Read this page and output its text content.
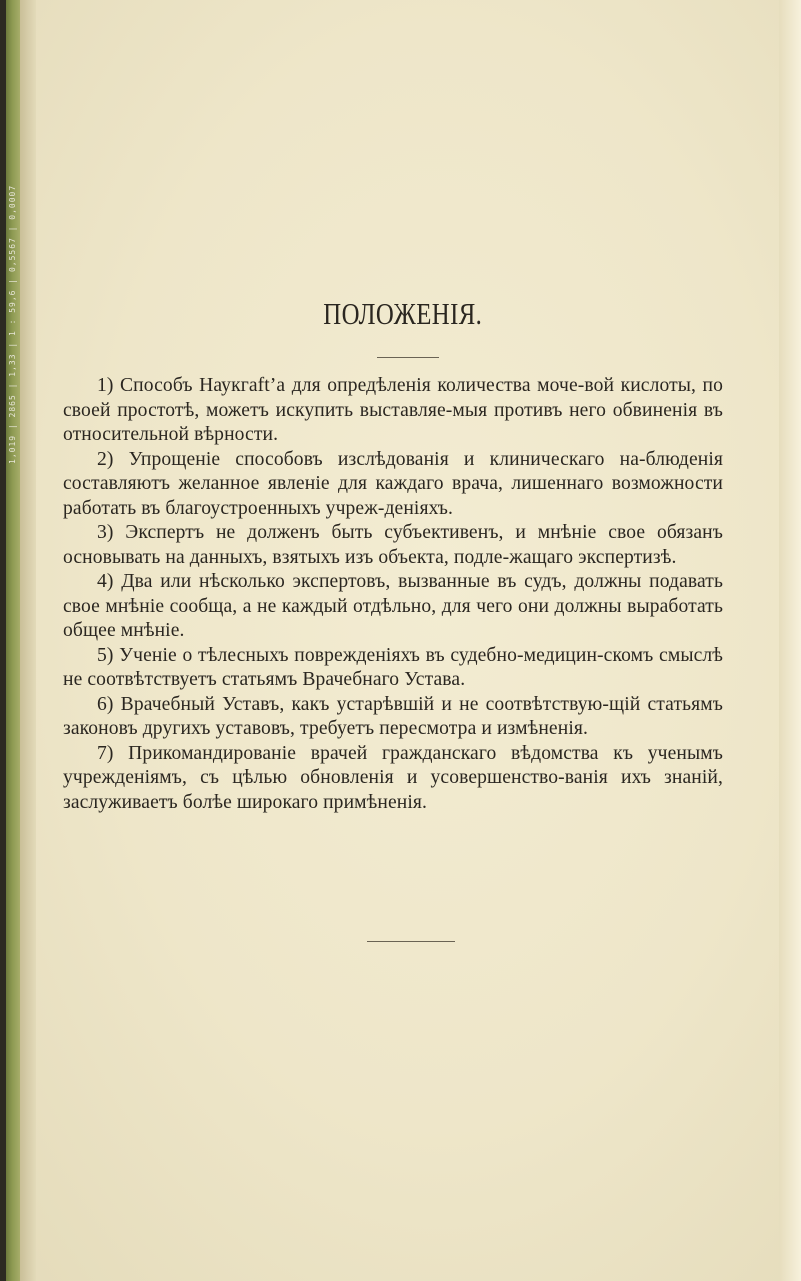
1,019 | 2865 | 1,33 | 1 : 59,6 | 0,5567 | 0,0007	ПОЛОЖЕНІЯ.

1) Способъ Наукгаft’а для опредѣленія количества моче-вой кислоты, по своей простотѣ, можетъ искупить выставляе-мыя противъ него обвиненія въ относительной вѣрности.

2) Упрощеніе способовъ изслѣдованія и клиническаго на-блюденія составляютъ желанное явленіе для каждаго врача, лишеннаго возможности работать въ благоустроенныхъ учреж-деніяхъ.

3) Экспертъ не долженъ быть субъективенъ, и мнѣніе свое обязанъ основывать на данныхъ, взятыхъ изъ объекта, подле-жащаго экспертизѣ.

4) Два или нѣсколько экспертовъ, вызванные въ судъ, должны подавать свое мнѣніе сообща, а не каждый отдѣльно, для чего они должны выработать общее мнѣніе.

5) Ученіе о тѣлесныхъ поврежденіяхъ въ судебно-медицин-скомъ смыслѣ не соотвѣтствуетъ статьямъ Врачебнаго Устава.

6) Врачебный Уставъ, какъ устарѣвшій и не соотвѣтствую-щій статьямъ законовъ другихъ уставовъ, требуетъ пересмотра и измѣненія.

7) Прикомандированіе врачей гражданскаго вѣдомства къ ученымъ учрежденіямъ, съ цѣлью обновленія и усовершенство-ванія ихъ знаній, заслуживаетъ болѣе широкаго примѣненія.
